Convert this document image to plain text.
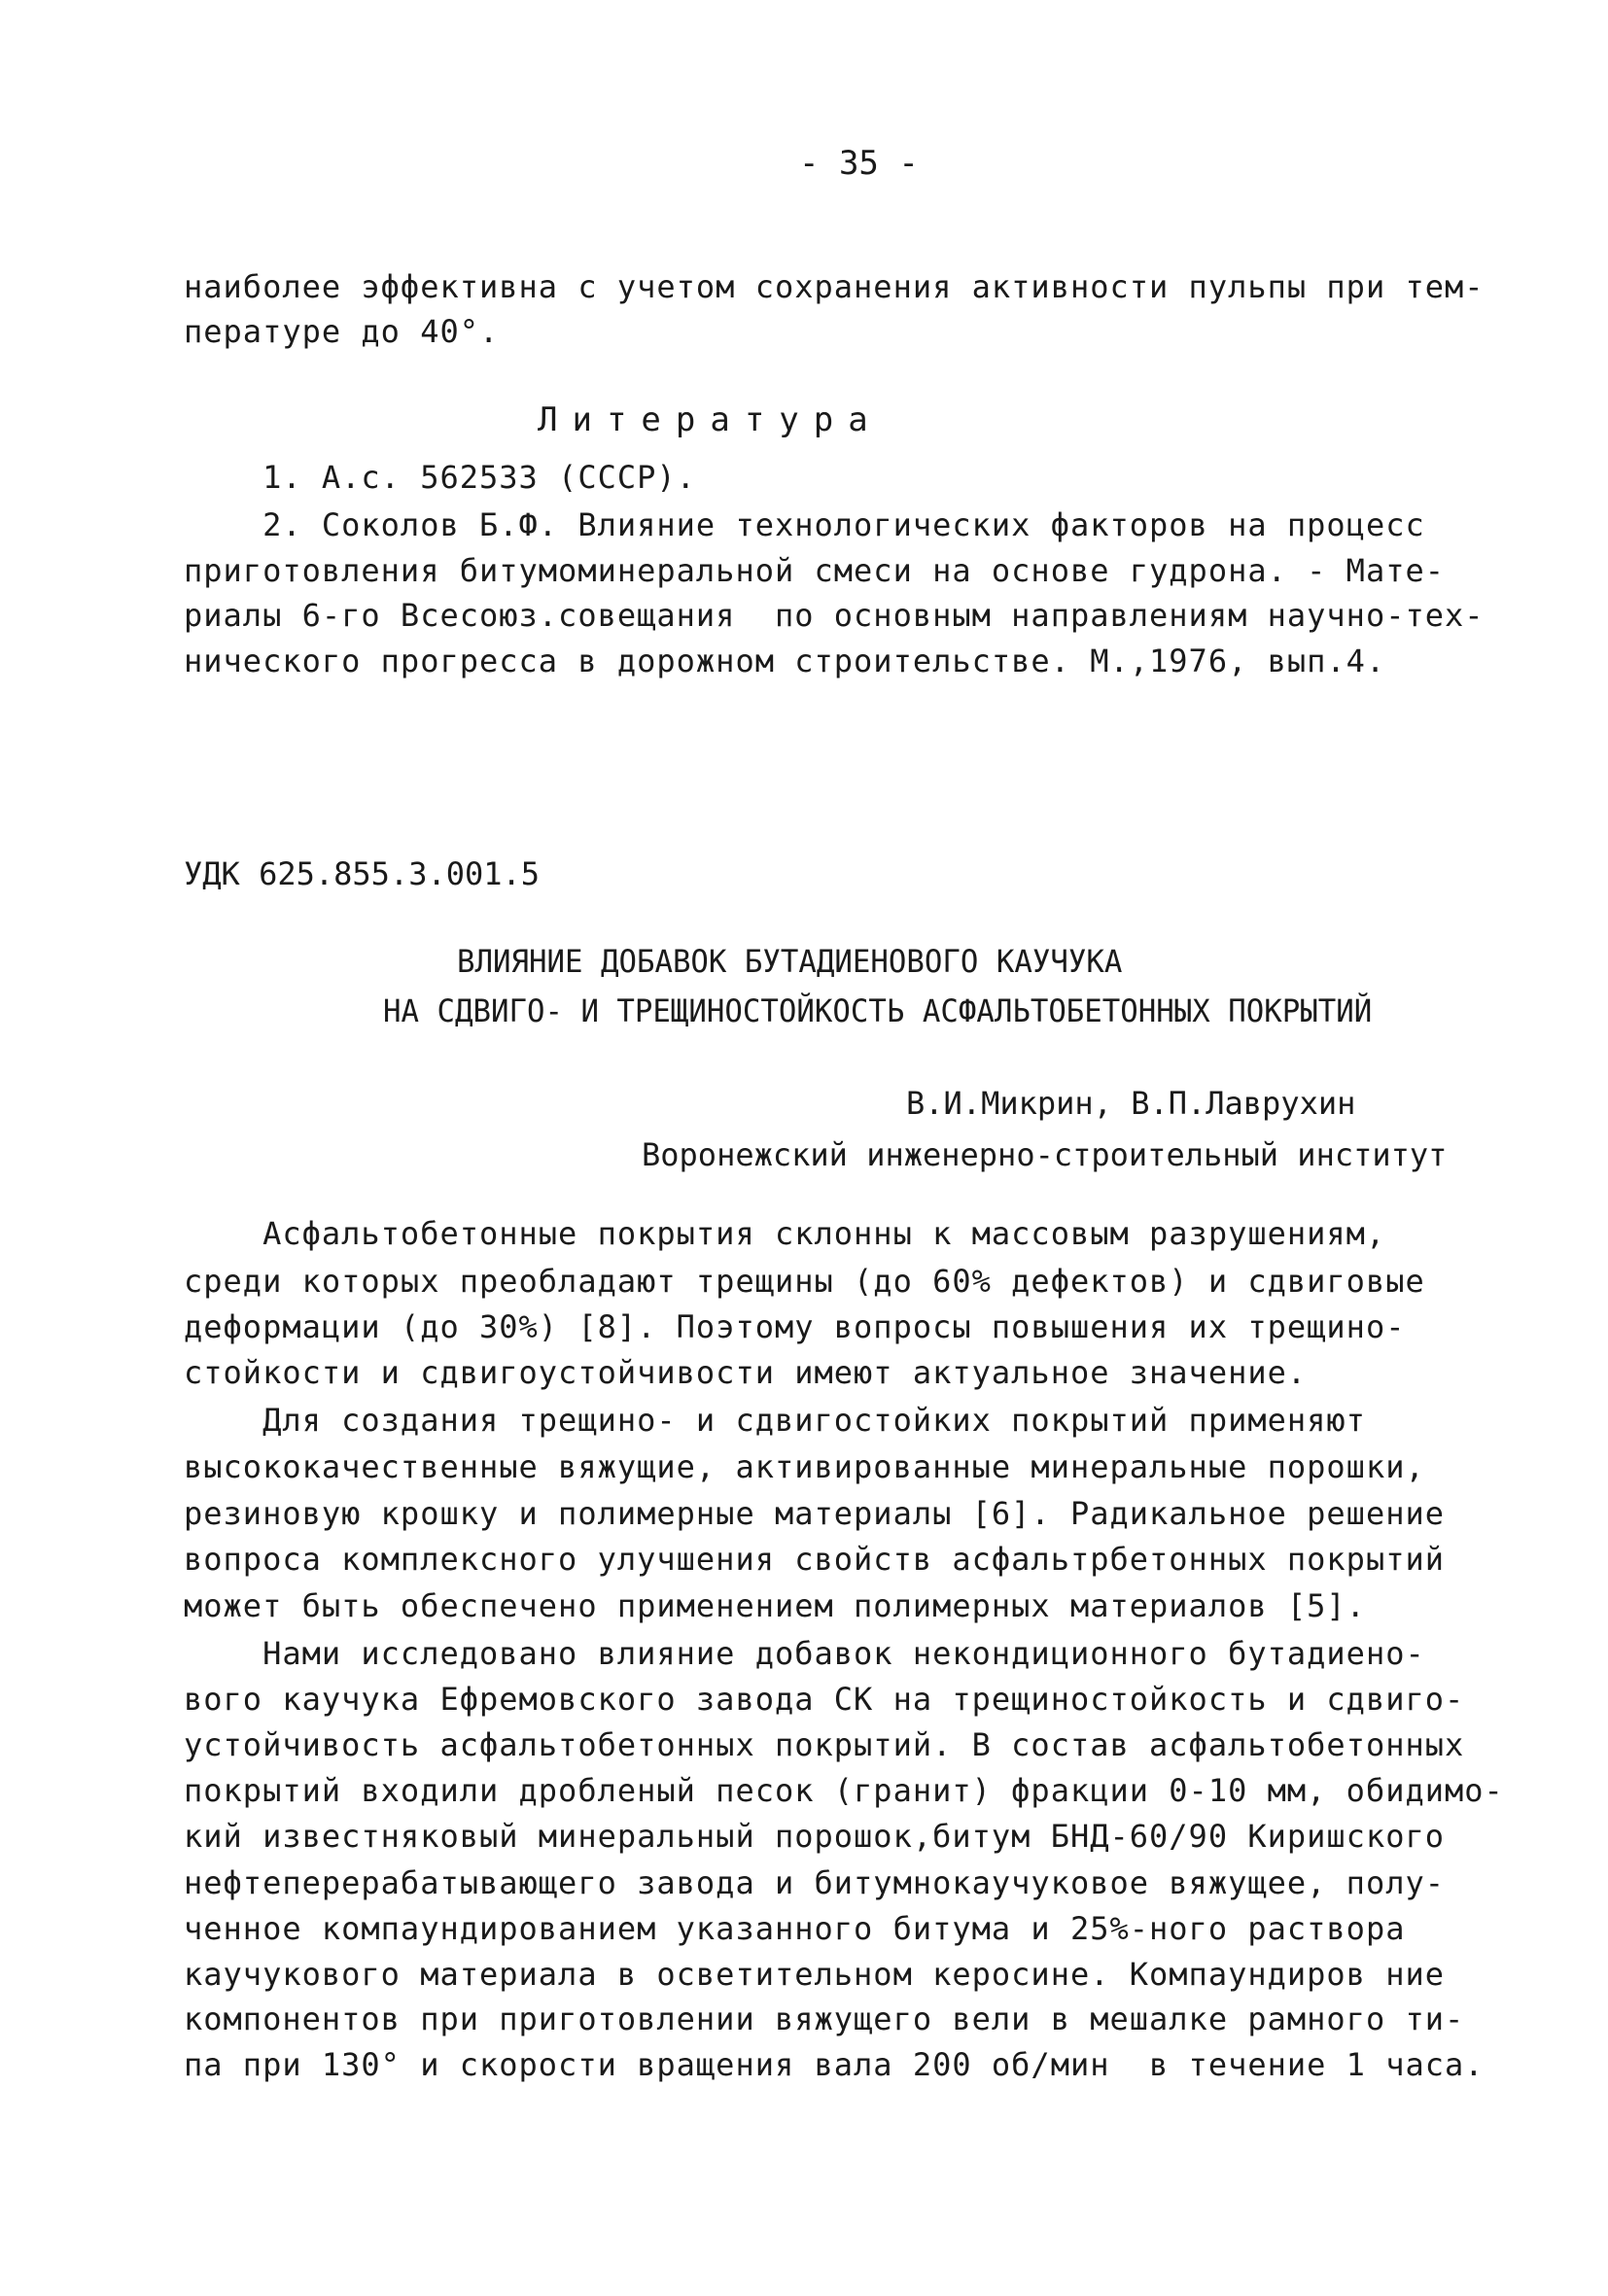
- 35 -
наиболее эффективна с учетом сохранения активности пульпы при тем-
пературе до 40°.
Литература
1. А.с. 562533 (СССР).
2. Соколов Б.Ф. Влияние технологических факторов на процесс
приготовления битумоминеральной смеси на основе гудрона. - Мате-
риалы 6-го Всесоюз.совещания  по основным направлениям научно-тех-
нического прогресса в дорожном строительстве. М.,1976, вып.4.
УДК 625.855.3.001.5
ВЛИЯНИЕ ДОБАВОК БУТАДИЕНОВОГО КАУЧУКА
НА СДВИГО- И ТРЕЩИНОСТОЙКОСТЬ АСФАЛЬТОБЕТОННЫХ ПОКРЫТИЙ
В.И.Микрин, В.П.Лаврухин
Воронежский инженерно-строительный институт
Асфальтобетонные покрытия склонны к массовым разрушениям,
среди которых преобладают трещины (до 60% дефектов) и сдвиговые
деформации (до 30%) [8]. Поэтому вопросы повышения их трещино-
стойкости и сдвигоустойчивости имеют актуальное значение.
Для создания трещино- и сдвигостойких покрытий применяют
высококачественные вяжущие, активированные минеральные порошки,
резиновую крошку и полимерные материалы [6]. Радикальное решение
вопроса комплексного улучшения свойств асфальтрбетонных покрытий
может быть обеспечено применением полимерных материалов [5].
Нами исследовано влияние добавок некондиционного бутадиено-
вого каучука Ефремовского завода СК на трещиностойкость и сдвиго-
устойчивость асфальтобетонных покрытий. В состав асфальтобетонных
покрытий входили дробленый песок (гранит) фракции 0-10 мм, обидимо-
кий известняковый минеральный порошок,битум БНД-60/90 Киришского
нефтеперерабатывающего завода и битумнокаучуковое вяжущее, полу-
ченное компаундированием указанного битума и 25%-ного раствора
каучукового материала в осветительном керосине. Компаундиров ние
компонентов при приготовлении вяжущего вели в мешалке рамного ти-
па при 130° и скорости вращения вала 200 об/мин  в течение 1 часа.
